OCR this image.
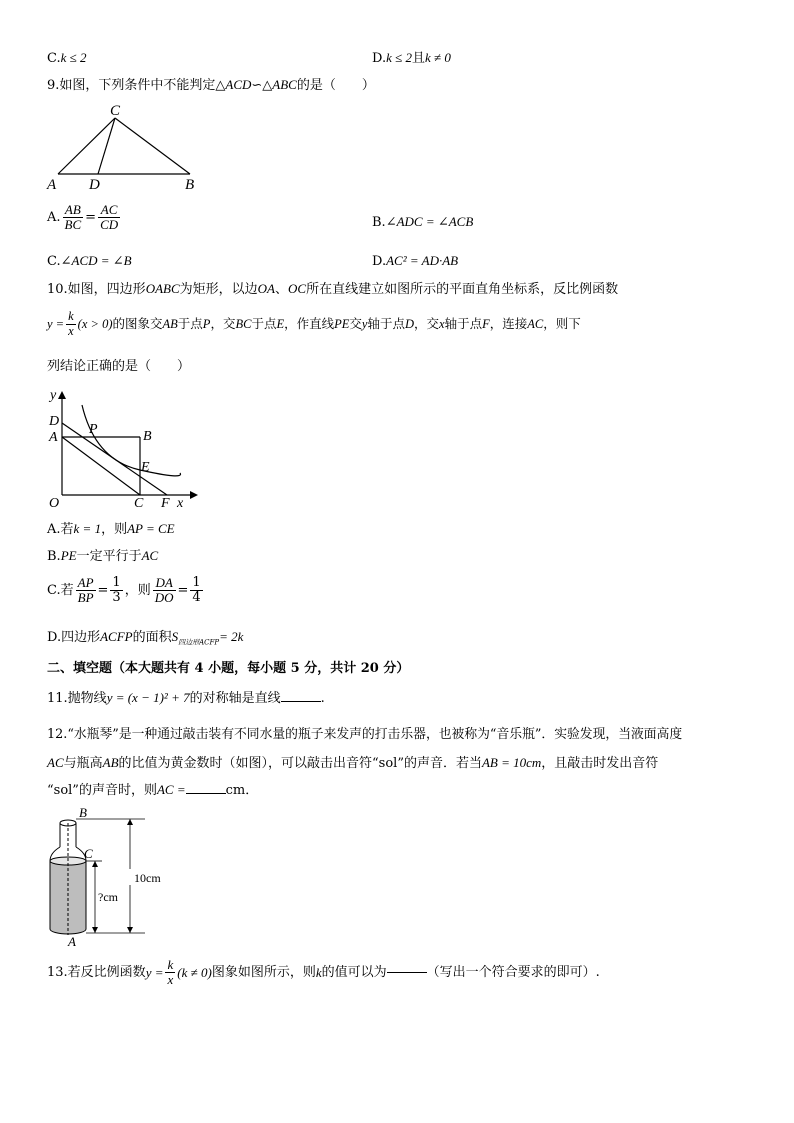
C.k ≤ 2	D.k ≤ 2且k ≠ 0
9.如图，下列条件中不能判定△ACD∽△ABC的是（　　）
C
A D	B
A. $\frac{AB}{BC} = \frac{AC}{CD}$	B.∠ADC = ∠ACB
C.∠ACD = ∠B	D.AC² = AD·AB
10.如图，四边形OABC为矩形，以边OA、OC所在直线建立如图所示的平面直角坐标系，反比例函数
$y = \frac{k}{x} (x > 0)$的图象交AB于点P，交BC于点E，作直线PE交y轴于点D，交x轴于点F，连接AC，则下
列结论正确的是（　　）
y
D
A
P	B
E
O	C F x
A.若k = 1，则AP = CE
B.PE一定平行于AC
C.若 $\frac{AP}{BP} = \frac{1}{3}$ ，则 $\frac{DA}{DO} = \frac{1}{4}$
D.四边形ACFP的面积$S_{四边形ACFP}= 2k$
二、填空题（本大题共有 4 小题，每小题 5 分，共计 20 分）
11.抛物线y = (x − 1)² + 7的对称轴是直线	.
12.“水瓶琴”是一种通过敲击装有不同水量的瓶子来发声的打击乐器，也被称为“音乐瓶”．实验发现，当液面高度
AC与瓶高AB的比值为黄金数时（如图），可以敲击出音符“sol”的声音．若当AB = 10cm，且敲击时发出音符
“sol”的声音时，则AC =	cm．
B
C
A
10cm
?cm
13.若反比例函数$y = \frac{k}{x} (k \ne 0)$图象如图所示，则k的值可以为	（写出一个符合要求的即可）.
